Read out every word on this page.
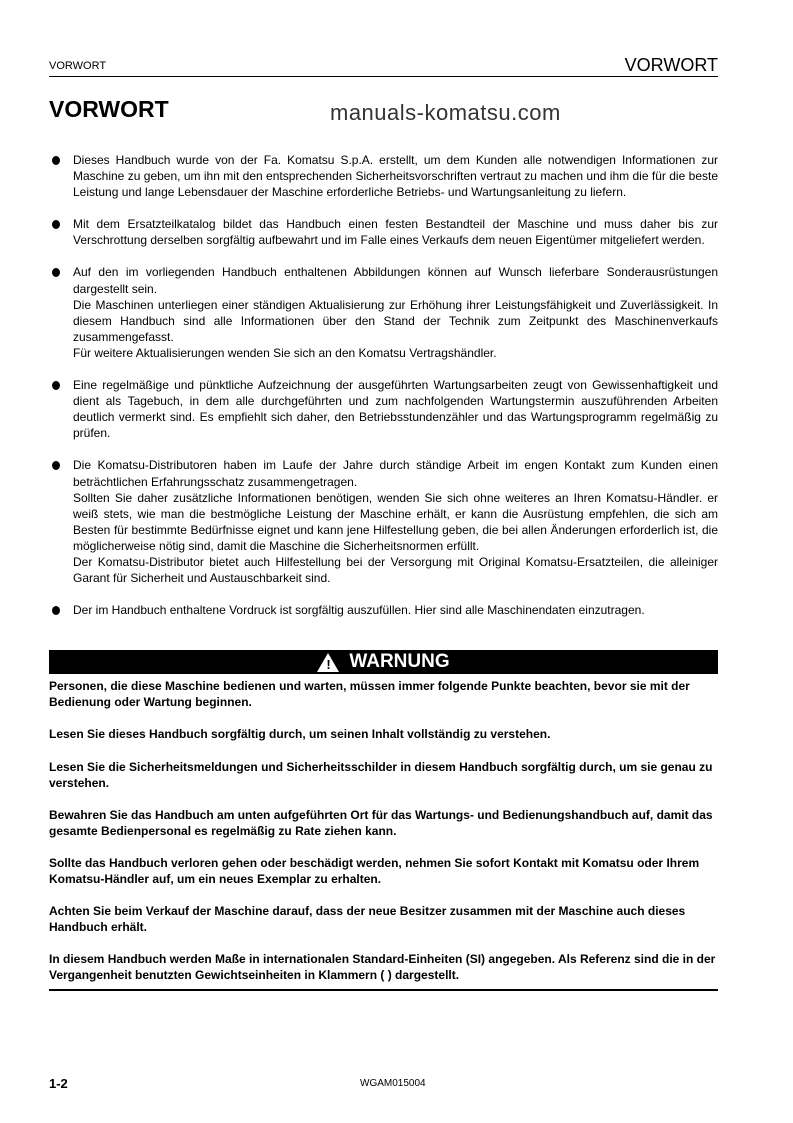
VORWORT	VORWORT
VORWORT	manuals-komatsu.com

Dieses Handbuch wurde von der Fa. Komatsu S.p.A. erstellt, um dem Kunden alle notwendigen Informationen zur Maschine zu geben, um ihn mit den entsprechenden Sicherheitsvorschriften vertraut zu machen und ihm die für die beste Leistung und lange Lebensdauer der Maschine erforderliche Betriebs- und Wartungsanleitung zu liefern.

Mit dem Ersatzteilkatalog bildet das Handbuch einen festen Bestandteil der Maschine und muss daher bis zur Verschrottung derselben sorgfältig aufbewahrt und im Falle eines Verkaufs dem neuen Eigentümer mitgeliefert werden.

Auf den im vorliegenden Handbuch enthaltenen Abbildungen können auf Wunsch lieferbare Sonderausrüstungen dargestellt sein.

Die Maschinen unterliegen einer ständigen Aktualisierung zur Erhöhung ihrer Leistungsfähigkeit und Zuverlässigkeit. In diesem Handbuch sind alle Informationen über den Stand der Technik zum Zeitpunkt des Maschinenverkaufs zusammengefasst.

Für weitere Aktualisierungen wenden Sie sich an den Komatsu Vertragshändler.

Eine regelmäßige und pünktliche Aufzeichnung der ausgeführten Wartungsarbeiten zeugt von Gewissenhaftigkeit und dient als Tagebuch, in dem alle durchgeführten und zum nachfolgenden Wartungstermin auszuführenden Arbeiten deutlich vermerkt sind. Es empfiehlt sich daher, den Betriebsstundenzähler und das Wartungsprogramm regelmäßig zu prüfen.

Die Komatsu-Distributoren haben im Laufe der Jahre durch ständige Arbeit im engen Kontakt zum Kunden einen beträchtlichen Erfahrungsschatz zusammengetragen.

Sollten Sie daher zusätzliche Informationen benötigen, wenden Sie sich ohne weiteres an Ihren Komatsu-Händler. er weiß stets, wie man die bestmögliche Leistung der Maschine erhält, er kann die Ausrüstung empfehlen, die sich am Besten für bestimmte Bedürfnisse eignet und kann jene Hilfestellung geben, die bei allen Änderungen erforderlich ist, die möglicherweise nötig sind, damit die Maschine die Sicherheitsnormen erfüllt.

Der Komatsu-Distributor bietet auch Hilfestellung bei der Versorgung mit Original Komatsu-Ersatzteilen, die alleiniger Garant für Sicherheit und Austauschbarkeit sind.

Der im Handbuch enthaltene Vordruck ist sorgfältig auszufüllen. Hier sind alle Maschinendaten einzutragen.

! WARNUNG

Personen, die diese Maschine bedienen und warten, müssen immer folgende Punkte beachten, bevor sie mit der Bedienung oder Wartung beginnen.

Lesen Sie dieses Handbuch sorgfältig durch, um seinen Inhalt vollständig zu verstehen.

Lesen Sie die Sicherheitsmeldungen und Sicherheitsschilder in diesem Handbuch sorgfältig durch, um sie genau zu verstehen.

Bewahren Sie das Handbuch am unten aufgeführten Ort für das Wartungs- und Bedienungshandbuch auf, damit das gesamte Bedienpersonal es regelmäßig zu Rate ziehen kann.

Sollte das Handbuch verloren gehen oder beschädigt werden, nehmen Sie sofort Kontakt mit Komatsu oder Ihrem Komatsu-Händler auf, um ein neues Exemplar zu erhalten.

Achten Sie beim Verkauf der Maschine darauf, dass der neue Besitzer zusammen mit der Maschine auch dieses Handbuch erhält.

In diesem Handbuch werden Maße in internationalen Standard-Einheiten (SI) angegeben. Als Referenz sind die in der Vergangenheit benutzten Gewichtseinheiten in Klammern ( ) dargestellt.

1-2	WGAM015004
